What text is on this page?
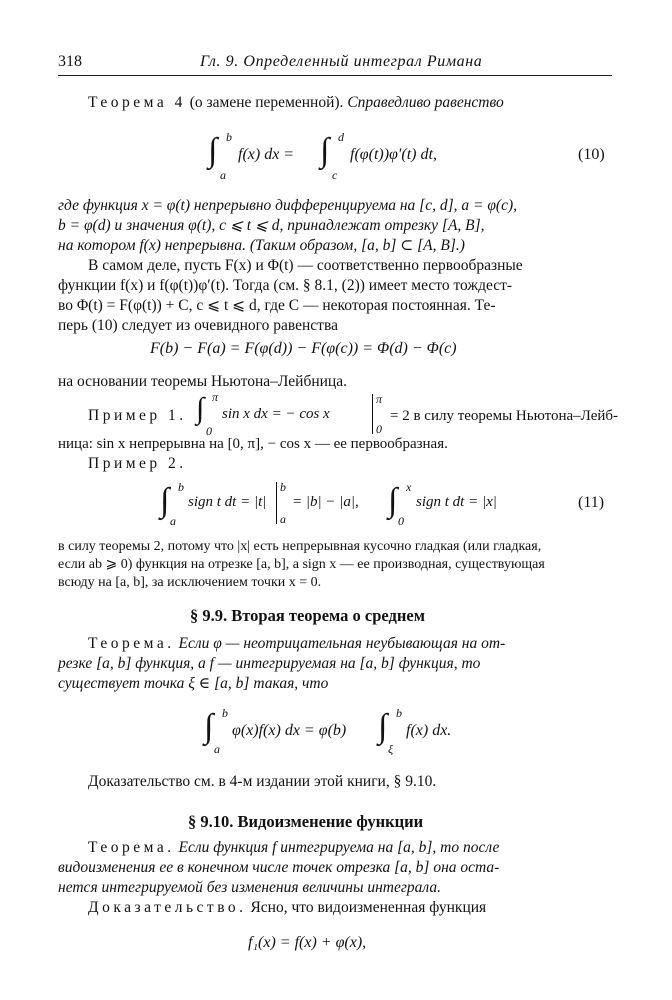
318	Гл. 9. Определенный интеграл Римана
Теорема 4 (о замене переменной). Справедливо равенство
∫ b
a
f(x) dx = ∫ d
c
f(φ(t))φ′(t) dt,	(10)
где функция x = φ(t) непрерывно дифференцируема на [c, d], a = φ(c),
b = φ(d) и значения φ(t), c ⩽ t ⩽ d, принадлежат отрезку [A, B],
на котором f(x) непрерывна. (Таким образом, [a, b] ⊂ [A, B].)
В самом деле, пусть F(x) и Φ(t) — соответственно первообразные
функции f(x) и f(φ(t))φ′(t). Тогда (см. § 8.1, (2)) имеет место тождест-
во Φ(t) = F(φ(t)) + C, c ⩽ t ⩽ d, где C — некоторая постоянная. Те-
перь (10) следует из очевидного равенства
F(b) − F(a) = F(φ(d)) − F(φ(c)) = Φ(d) − Φ(c)
на основании теоремы Ньютона–Лейбница.
Пример 1. ∫ π
0
sin x dx = − cos x
π
0
= 2 в силу теоремы Ньютона–Лейб-
ница: sin x непрерывна на [0, π], − cos x — ее первообразная.
Пример 2.
∫ b
a
sign t dt = |t|
b
a
= |b| − |a|, ∫ x
0
sign t dt = |x|	(11)
в силу теоремы 2, потому что |x| есть непрерывная кусочно гладкая (или гладкая,
если ab ⩾ 0) функция на отрезке [a, b], а sign x — ее производная, существующая
всюду на [a, b], за исключением точки x = 0.
§ 9.9. Вторая теорема о среднем
Теорема. Если φ — неотрицательная неубывающая на от-
резке [a, b] функция, а f — интегрируемая на [a, b] функция, то
существует точка ξ ∈ [a, b] такая, что
∫ b
a
φ(x)f(x) dx = φ(b) ∫ b
ξ
f(x) dx.
Доказательство см. в 4-м издании этой книги, § 9.10.
§ 9.10. Видоизменение функции
Теорема. Если функция f интегрируема на [a, b], то после
видоизменения ее в конечном числе точек отрезка [a, b] она оста-
нется интегрируемой без изменения величины интеграла.
Доказательство. Ясно, что видоизмененная функция
f₁(x) = f(x) + φ(x),
